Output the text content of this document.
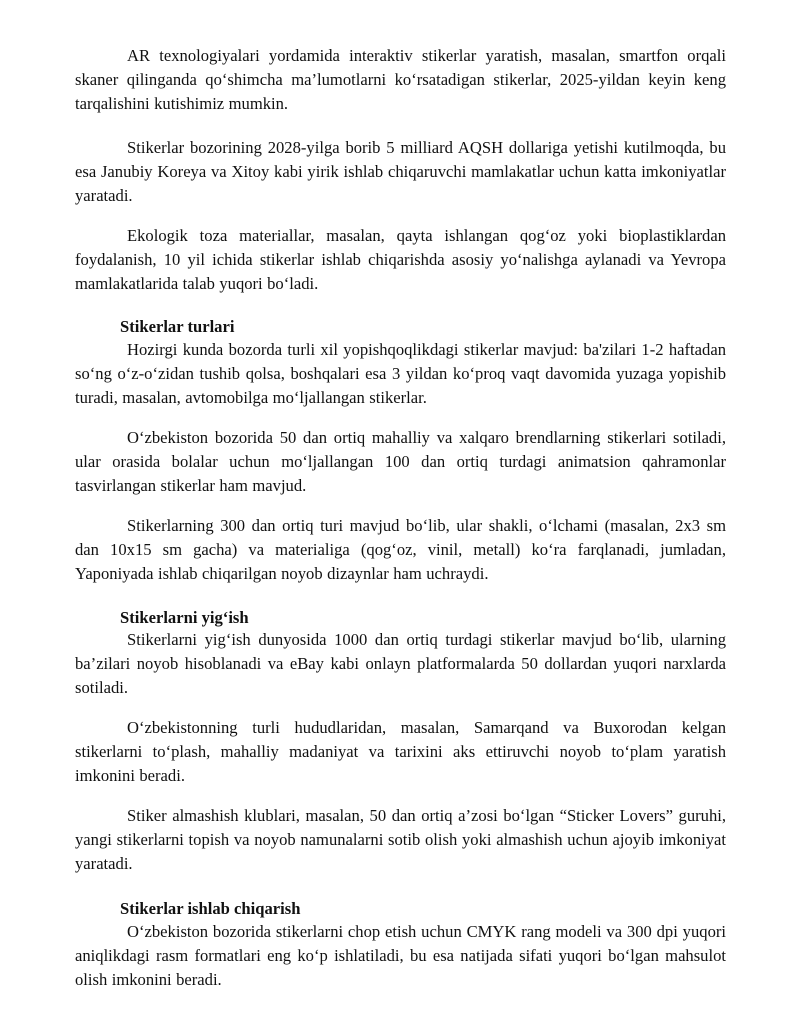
AR texnologiyalari yordamida interaktiv stikerlar yaratish, masalan, smartfon orqali skaner qilinganda qo‘shimcha ma’lumotlarni ko‘rsatadigan stikerlar, 2025-yildan keyin keng tarqalishini kutishimiz mumkin.

Stikerlar bozorining 2028-yilga borib 5 milliard AQSH dollariga yetishi kutilmoqda, bu esa Janubiy Koreya va Xitoy kabi yirik ishlab chiqaruvchi mamlakatlar uchun katta imkoniyatlar yaratadi.

Ekologik toza materiallar, masalan, qayta ishlangan qog‘oz yoki bioplastiklardan foydalanish, 10 yil ichida stikerlar ishlab chiqarishda asosiy yo‘nalishga aylanadi va Yevropa mamlakatlarida talab yuqori bo‘ladi.

Stikerlar turlari

Hozirgi kunda bozorda turli xil yopishqoqlikdagi stikerlar mavjud: ba'zilari 1-2 haftadan so‘ng o‘z-o‘zidan tushib qolsa, boshqalari esa 3 yildan ko‘proq vaqt davomida yuzaga yopishib turadi, masalan, avtomobilga mo‘ljallangan stikerlar.

O‘zbekiston bozorida 50 dan ortiq mahalliy va xalqaro brendlarning stikerlari sotiladi, ular orasida bolalar uchun mo‘ljallangan 100 dan ortiq turdagi animatsion qahramonlar tasvirlangan stikerlar ham mavjud.

Stikerlarning 300 dan ortiq turi mavjud bo‘lib, ular shakli, o‘lchami (masalan, 2x3 sm dan 10x15 sm gacha) va materialiga (qog‘oz, vinil, metall) ko‘ra farqlanadi, jumladan, Yaponiyada ishlab chiqarilgan noyob dizaynlar ham uchraydi.

Stikerlarni yig‘ish

Stikerlarni yig‘ish dunyosida 1000 dan ortiq turdagi stikerlar mavjud bo‘lib, ularning ba’zilari noyob hisoblanadi va eBay kabi onlayn platformalarda 50 dollardan yuqori narxlarda sotiladi.

O‘zbekistonning turli hududlaridan, masalan, Samarqand va Buxorodan kelgan stikerlarni to‘plash, mahalliy madaniyat va tarixini aks ettiruvchi noyob to‘plam yaratish imkonini beradi.

Stiker almashish klublari, masalan, 50 dan ortiq a’zosi bo‘lgan “Sticker Lovers” guruhi, yangi stikerlarni topish va noyob namunalarni sotib olish yoki almashish uchun ajoyib imkoniyat yaratadi.

Stikerlar ishlab chiqarish

O‘zbekiston bozorida stikerlarni chop etish uchun CMYK rang modeli va 300 dpi yuqori aniqlikdagi rasm formatlari eng ko‘p ishlatiladi, bu esa natijada sifati yuqori bo‘lgan mahsulot olish imkonini beradi.
